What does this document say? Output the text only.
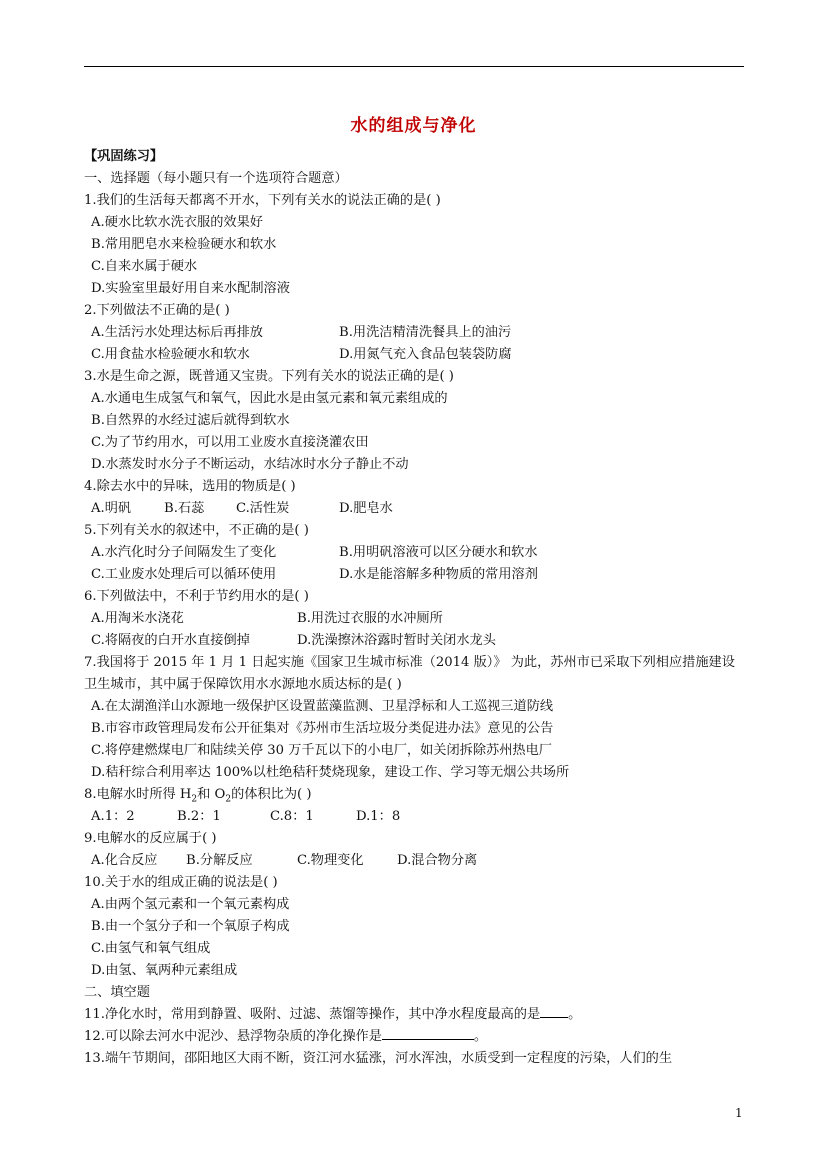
水的组成与净化
【巩固练习】
一、选择题（每小题只有一个选项符合题意）
1.我们的生活每天都离不开水，下列有关水的说法正确的是( )
A.硬水比软水洗衣服的效果好
B.常用肥皂水来检验硬水和软水
C.自来水属于硬水
D.实验室里最好用自来水配制溶液
2.下列做法不正确的是( )
A.生活污水处理达标后再排放	B.用洗洁精清洗餐具上的油污
C.用食盐水检验硬水和软水	D.用氮气充入食品包装袋防腐
3.水是生命之源，既普通又宝贵。下列有关水的说法正确的是( )
A.水通电生成氢气和氧气，因此水是由氢元素和氧元素组成的
B.自然界的水经过滤后就得到软水
C.为了节约用水，可以用工业废水直接浇灌农田
D.水蒸发时水分子不断运动，水结冰时水分子静止不动
4.除去水中的异味，选用的物质是( )
A.明矾 B.石蕊 C.活性炭	D.肥皂水
5.下列有关水的叙述中，不正确的是( )
A.水汽化时分子间隔发生了变化	B.用明矾溶液可以区分硬水和软水
C.工业废水处理后可以循环使用	D.水是能溶解多种物质的常用溶剂
6.下列做法中，不利于节约用水的是( )
A.用淘米水浇花	B.用洗过衣服的水冲厕所
C.将隔夜的白开水直接倒掉	D.洗澡擦沐浴露时暂时关闭水龙头
7.我国将于 2015 年 1 月 1 日起实施《国家卫生城市标准（2014 版）》 为此，苏州市已采取下列相应措施建设卫生城市，其中属于保障饮用水水源地水质达标的是( )
A.在太湖渔洋山水源地一级保护区设置蓝藻监测、卫星浮标和人工巡视三道防线
B.市容市政管理局发布公开征集对《苏州市生活垃圾分类促进办法》意见的公告
C.将停建燃煤电厂和陆续关停 30 万千瓦以下的小电厂，如关闭拆除苏州热电厂
D.秸秆综合利用率达 100%以杜绝秸秆焚烧现象，建设工作、学习等无烟公共场所
8.电解水时所得 $H_2$和 $O_2$的体积比为( )
A.1：2	B.2：1	C.8：1	D.1：8
9.电解水的反应属于( )
A.化合反应 B.分解反应	C.物理变化	D.混合物分离
10.关于水的组成正确的说法是( )
A.由两个氢元素和一个氧元素构成
B.由一个氢分子和一个氧原子构成
C.由氢气和氧气组成
D.由氢、氧两种元素组成
二、填空题
11.净化水时，常用到静置、吸附、过滤、蒸馏等操作，其中净水程度最高的是 。
12.可以除去河水中泥沙、悬浮物杂质的净化操作是	。
13.端午节期间，邵阳地区大雨不断，资江河水猛涨，河水浑浊，水质受到一定程度的污染，人们的生
1
